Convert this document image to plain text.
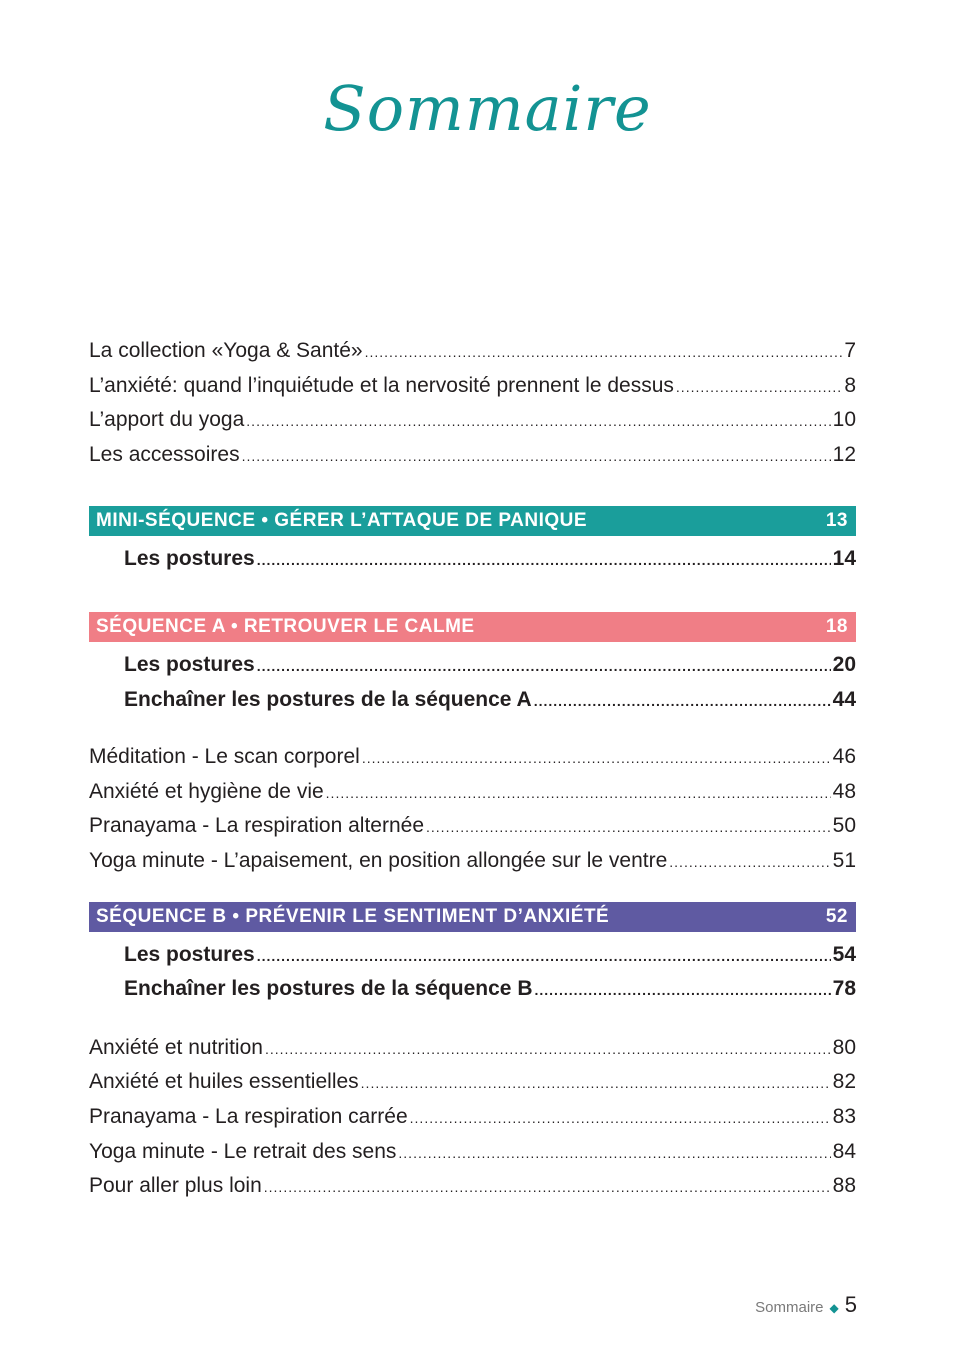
Sommaire
La collection «Yoga & Santé» .....	7
L’anxiété: quand l’inquiétude et la nervosité prennent le dessus .....	8
L’apport du yoga .....	10
Les accessoires .....	12
MINI-SÉQUENCE • GÉRER L’ATTAQUE DE PANIQUE	13
Les postures .....	14
SÉQUENCE A • RETROUVER LE CALME	18
Les postures .....	20
Enchaîner les postures de la séquence A .....	44
Méditation - Le scan corporel .....	46
Anxiété et hygiène de vie .....	48
Pranayama - La respiration alternée .....	50
Yoga minute - L’apaisement, en position allongée sur le ventre .....	51
SÉQUENCE B • PRÉVENIR LE SENTIMENT D’ANXIÉTÉ	52
Les postures .....	54
Enchaîner les postures de la séquence B .....	78
Anxiété et nutrition .....	80
Anxiété et huiles essentielles .....	82
Pranayama - La respiration carrée .....	83
Yoga minute - Le retrait des sens .....	84
Pour aller plus loin .....	88
Sommaire ◆ 5
